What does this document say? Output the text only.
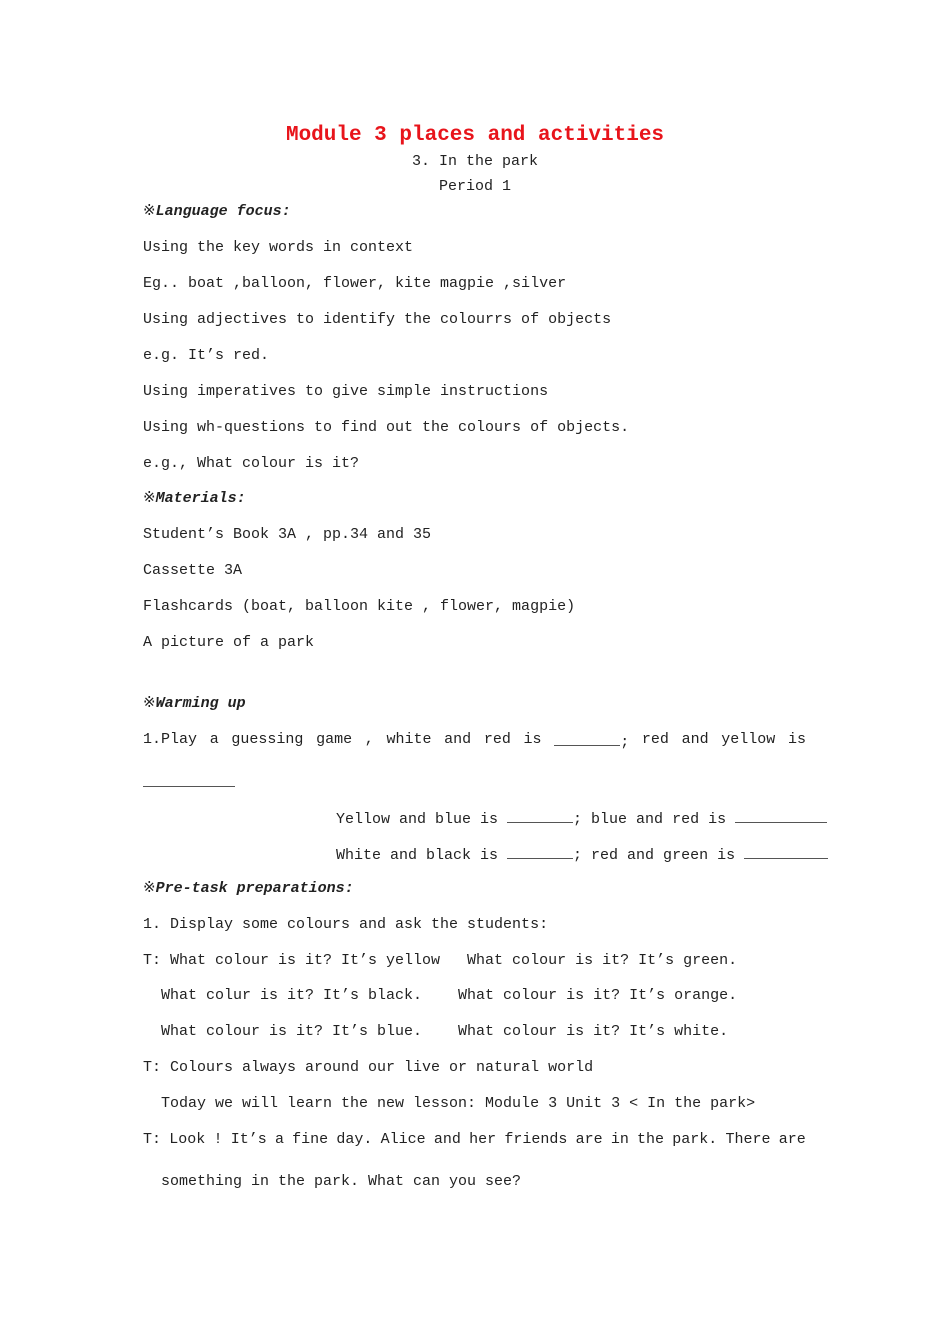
Module 3 places and activities
3. In the park
Period 1
※Language focus:
Using the key words in context
Eg.. boat ,balloon, flower, kite magpie ,silver
Using adjectives to identify the colourrs of objects
e.g. It’s red.
Using imperatives to give simple instructions
Using wh-questions to find out the colours of objects.
e.g., What colour is it?
※Materials:
Student’s Book 3A , pp.34 and 35
Cassette 3A
Flashcards (boat, balloon kite , flower, magpie)
A picture of a park
※Warming up
1.Play a guessing game , white and red is	; red and yellow is
Yellow and blue is	; blue and red is
White and black is	; red and green is
※Pre-task preparations:
1. Display some colours and ask the students:
T: What colour is it? It’s yellow   What colour is it? It’s green.
What colur is it? It’s black.    What colour is it? It’s orange.
What colour is it? It’s blue.    What colour is it? It’s white.
T: Colours always around our live or natural world
Today we will learn the new lesson: Module 3 Unit 3 < In the park>
T: Look ! It’s a fine day. Alice and her friends are in the park. There are
something in the park. What can you see?
